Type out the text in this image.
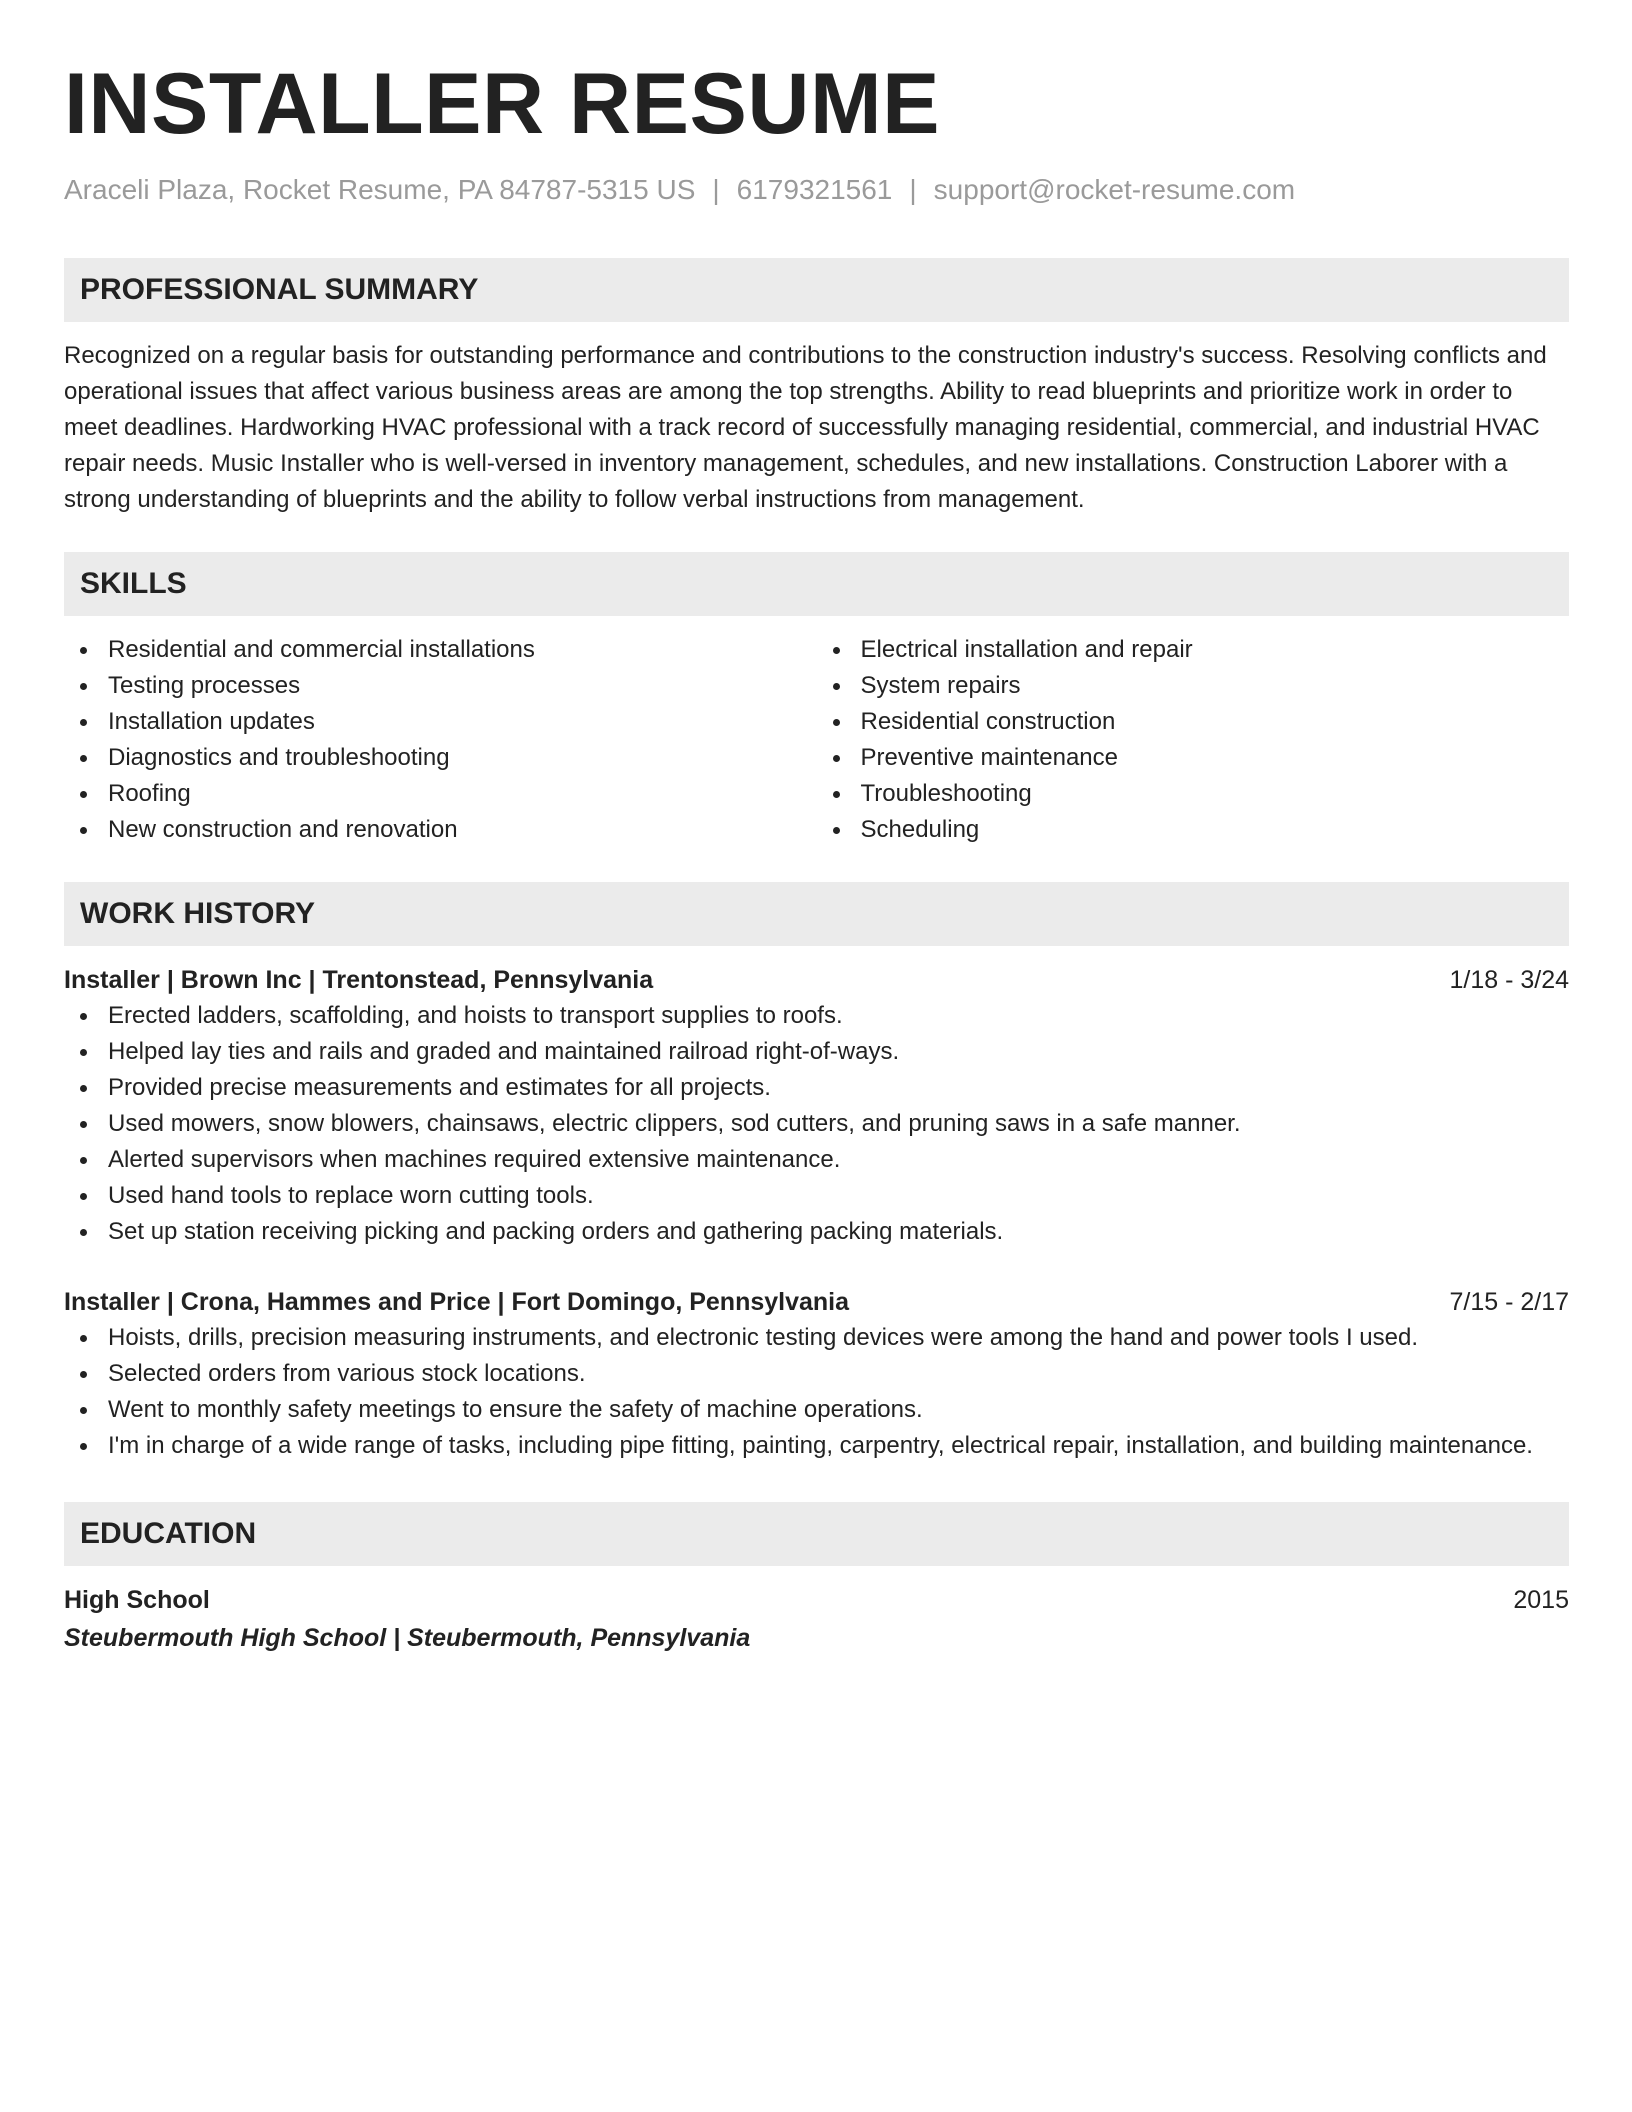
INSTALLER RESUME
Araceli Plaza, Rocket Resume, PA 84787-5315 US | 6179321561 | support@rocket-resume.com
PROFESSIONAL SUMMARY
Recognized on a regular basis for outstanding performance and contributions to the construction industry's success. Resolving conflicts and operational issues that affect various business areas are among the top strengths. Ability to read blueprints and prioritize work in order to meet deadlines. Hardworking HVAC professional with a track record of successfully managing residential, commercial, and industrial HVAC repair needs. Music Installer who is well-versed in inventory management, schedules, and new installations. Construction Laborer with a strong understanding of blueprints and the ability to follow verbal instructions from management.
SKILLS
Residential and commercial installations
Testing processes
Installation updates
Diagnostics and troubleshooting
Roofing
New construction and renovation
Electrical installation and repair
System repairs
Residential construction
Preventive maintenance
Troubleshooting
Scheduling
WORK HISTORY
Installer | Brown Inc | Trentonstead, Pennsylvania	1/18 - 3/24
Erected ladders, scaffolding, and hoists to transport supplies to roofs.
Helped lay ties and rails and graded and maintained railroad right-of-ways.
Provided precise measurements and estimates for all projects.
Used mowers, snow blowers, chainsaws, electric clippers, sod cutters, and pruning saws in a safe manner.
Alerted supervisors when machines required extensive maintenance.
Used hand tools to replace worn cutting tools.
Set up station receiving picking and packing orders and gathering packing materials.
Installer | Crona, Hammes and Price | Fort Domingo, Pennsylvania	7/15 - 2/17
Hoists, drills, precision measuring instruments, and electronic testing devices were among the hand and power tools I used.
Selected orders from various stock locations.
Went to monthly safety meetings to ensure the safety of machine operations.
I'm in charge of a wide range of tasks, including pipe fitting, painting, carpentry, electrical repair, installation, and building maintenance.
EDUCATION
High School	2015
Steubermouth High School | Steubermouth, Pennsylvania
